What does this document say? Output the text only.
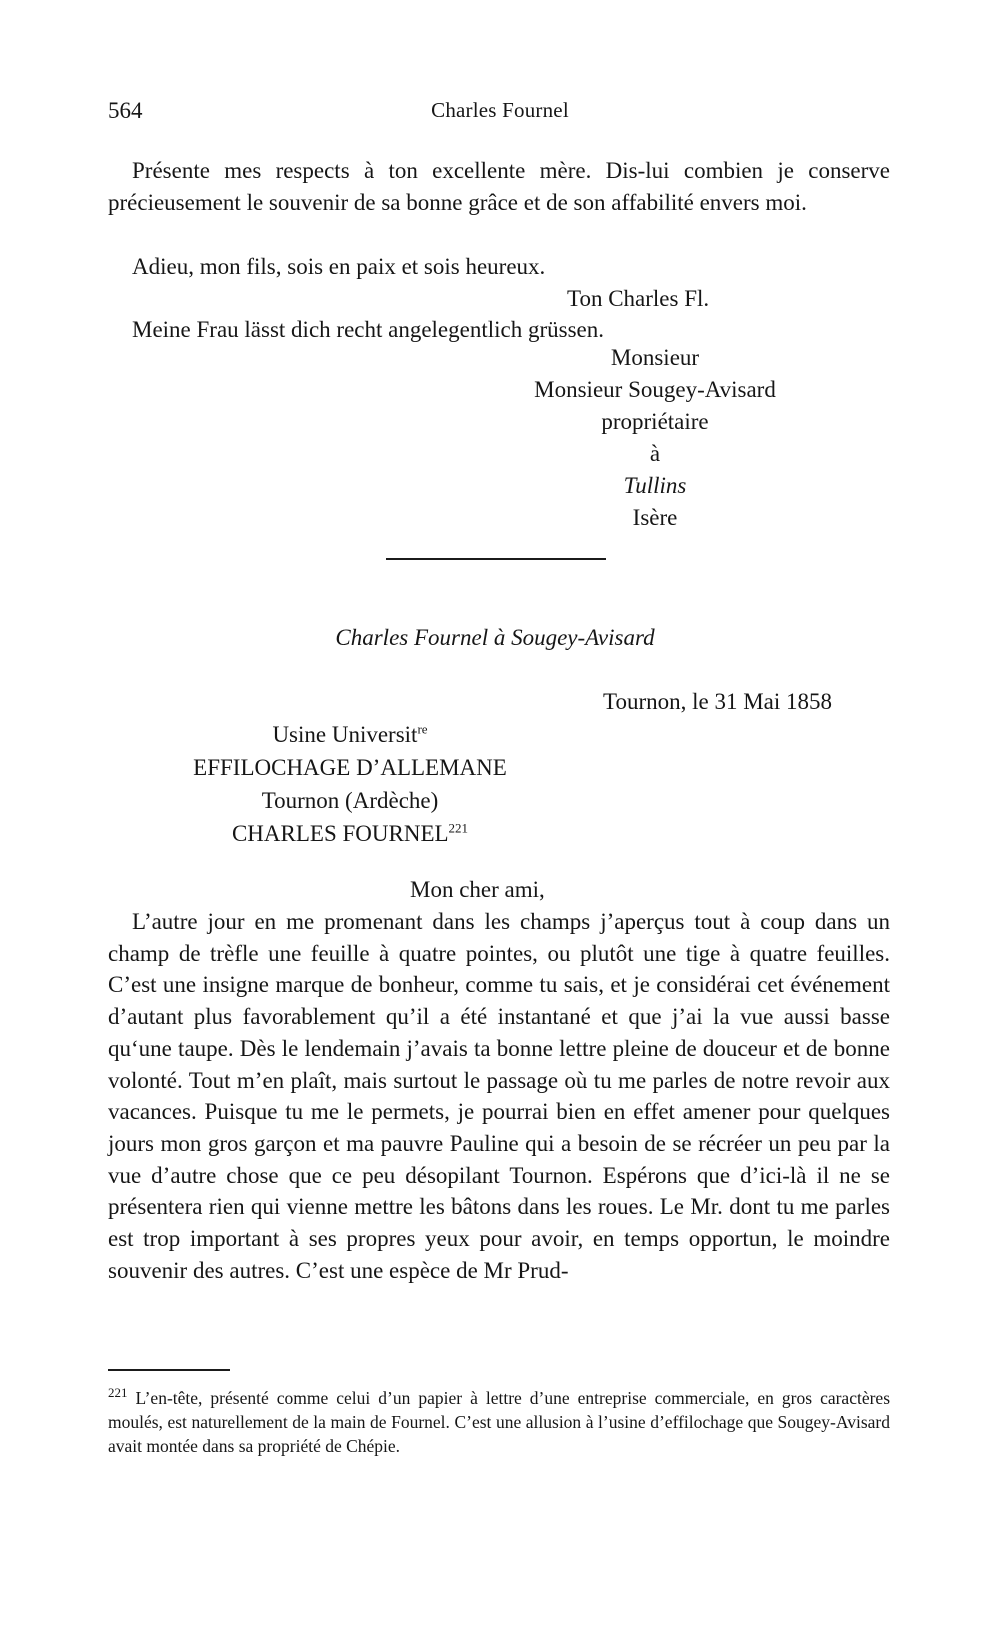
564	Charles Fournel
Présente mes respects à ton excellente mère. Dis-lui combien je conserve précieusement le souvenir de sa bonne grâce et de son affabilité envers moi.
Adieu, mon fils, sois en paix et sois heureux.
Ton Charles Fl.
Meine Frau lässt dich recht angelegentlich grüssen.
Monsieur
Monsieur Sougey-Avisard
propriétaire
à
Tullins
Isère
Charles Fournel à Sougey-Avisard
Tournon, le 31 Mai 1858
Usine Universit$^{re}$
EFFILOCHAGE D’ALLEMANE
Tournon (Ardèche)
CHARLES FOURNEL$^{221}$
Mon cher ami,
L’autre jour en me promenant dans les champs j’aperçus tout à coup dans un champ de trèfle une feuille à quatre pointes, ou plutôt une tige à quatre feuilles. C’est une insigne marque de bonheur, comme tu sais, et je considérai cet événement d’autant plus favorablement qu’il a été instantané et que j’ai la vue aussi basse qu‘une taupe. Dès le lendemain j’avais ta bonne lettre pleine de douceur et de bonne volonté. Tout m’en plaît, mais surtout le passage où tu me parles de notre revoir aux vacances. Puisque tu me le permets, je pourrai bien en effet amener pour quelques jours mon gros garçon et ma pauvre Pauline qui a besoin de se récréer un peu par la vue d’autre chose que ce peu désopilant Tournon. Espérons que d’ici-là il ne se présentera rien qui vienne mettre les bâtons dans les roues. Le Mr. dont tu me parles est trop important à ses propres yeux pour avoir, en temps opportun, le moindre souvenir des autres. C’est une espèce de Mr Prud-
$^{221}$ L’en-tête, présenté comme celui d’un papier à lettre d’une entreprise commerciale, en gros caractères moulés, est naturellement de la main de Fournel. C’est une allusion à l’usine d’effilochage que Sougey-Avisard avait montée dans sa propriété de Chépie.
